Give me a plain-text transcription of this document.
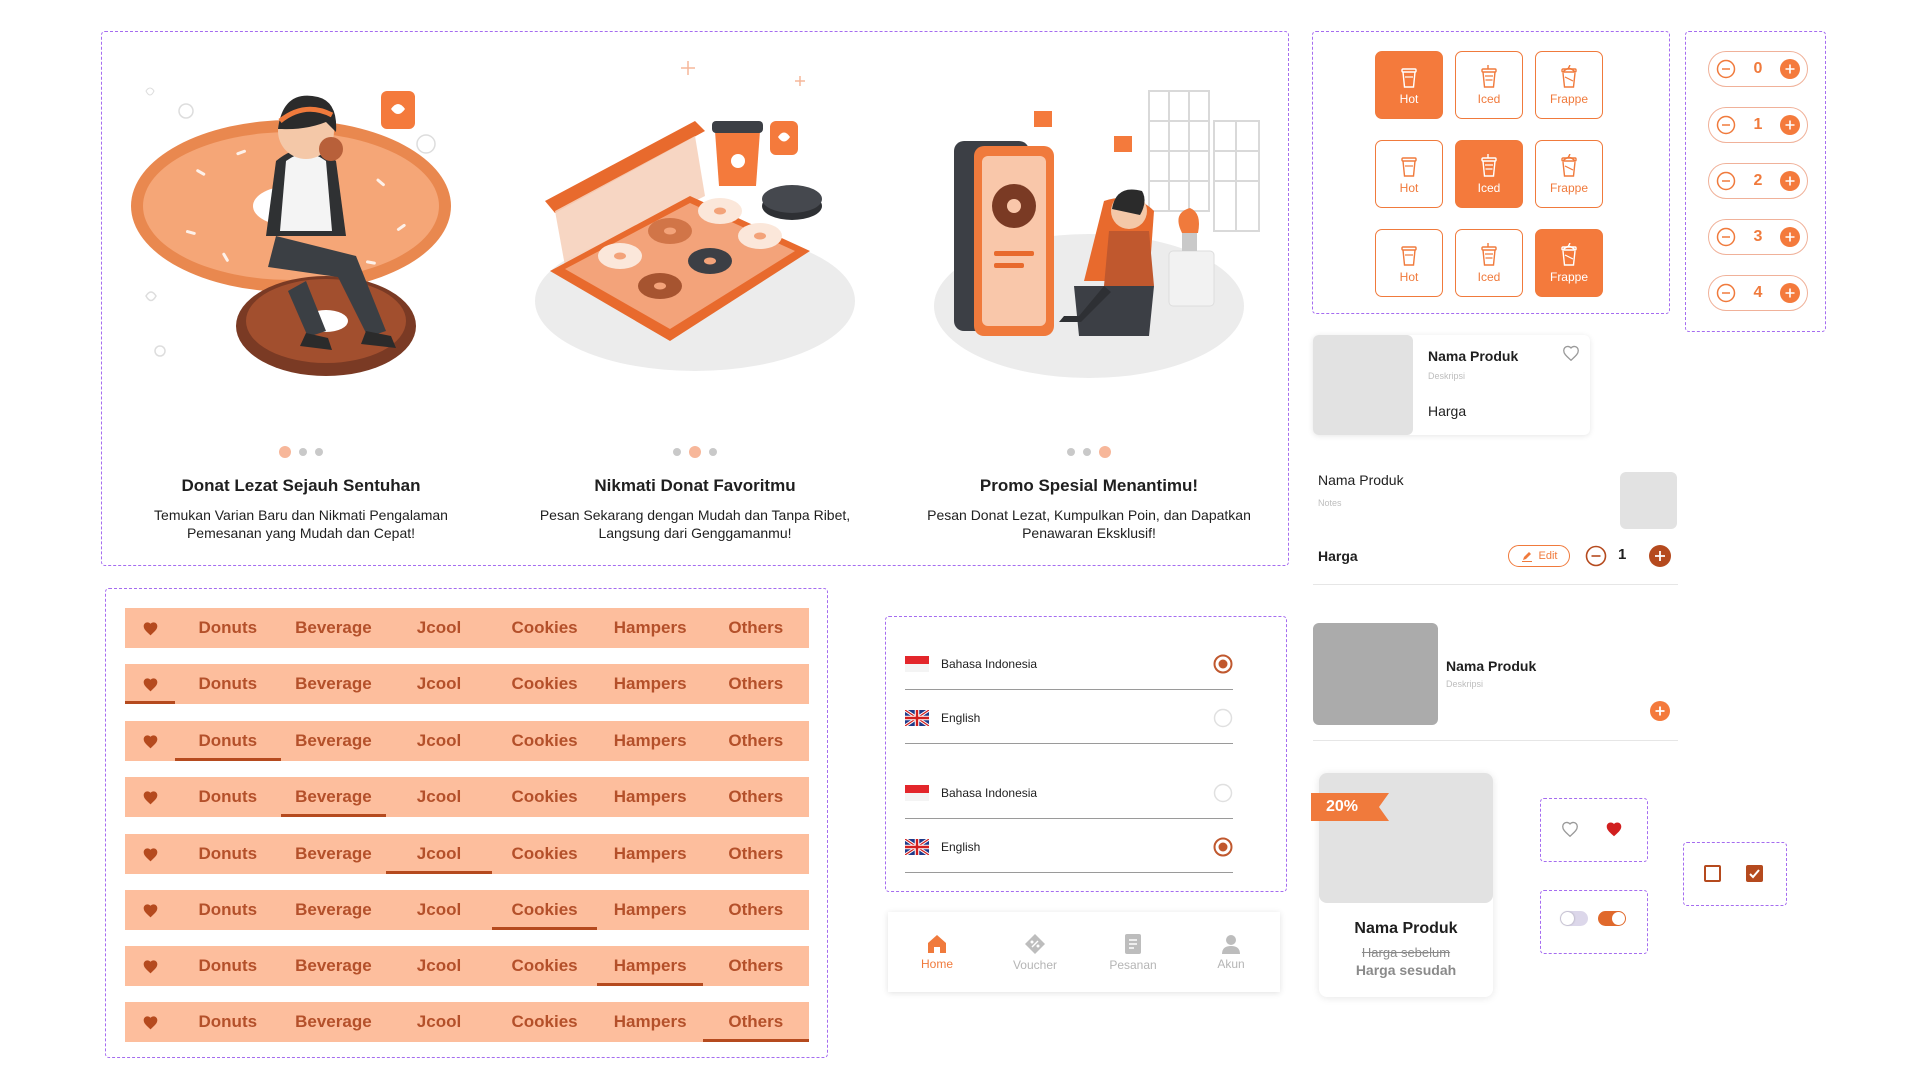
Donat Lezat Sejauh Sentuhan
Temukan Varian Baru dan Nikmati Pengalaman Pemesanan yang Mudah dan Cepat!
Nikmati Donat Favoritmu
Pesan Sekarang dengan Mudah dan Tanpa Ribet, Langsung dari Genggamanmu!
Promo Spesial Menantimu!
Pesan Donat Lezat, Kumpulkan Poin, dan Dapatkan Penawaran Eksklusif!
Donuts	Beverage	Jcool	Cookies	Hampers	Others
Donuts	Beverage	Jcool	Cookies	Hampers	Others
Donuts	Beverage	Jcool	Cookies	Hampers	Others
Donuts	Beverage	Jcool	Cookies	Hampers	Others
Donuts	Beverage	Jcool	Cookies	Hampers	Others
Donuts	Beverage	Jcool	Cookies	Hampers	Others
Donuts	Beverage	Jcool	Cookies	Hampers	Others
Donuts	Beverage	Jcool	Cookies	Hampers	Others
Hot	Iced	Frappe
Hot	Iced	Frappe
Hot	Iced	Frappe
0
1
2
3
4
Nama Produk
Deskripsi
Harga
Nama Produk
Notes
Harga	Edit	1
Nama Produk
Deskripsi
20%
Nama Produk
Harga sebelum
Harga sesudah
Bahasa Indonesia
English
Bahasa Indonesia
English
Home	Voucher	Pesanan	Akun
